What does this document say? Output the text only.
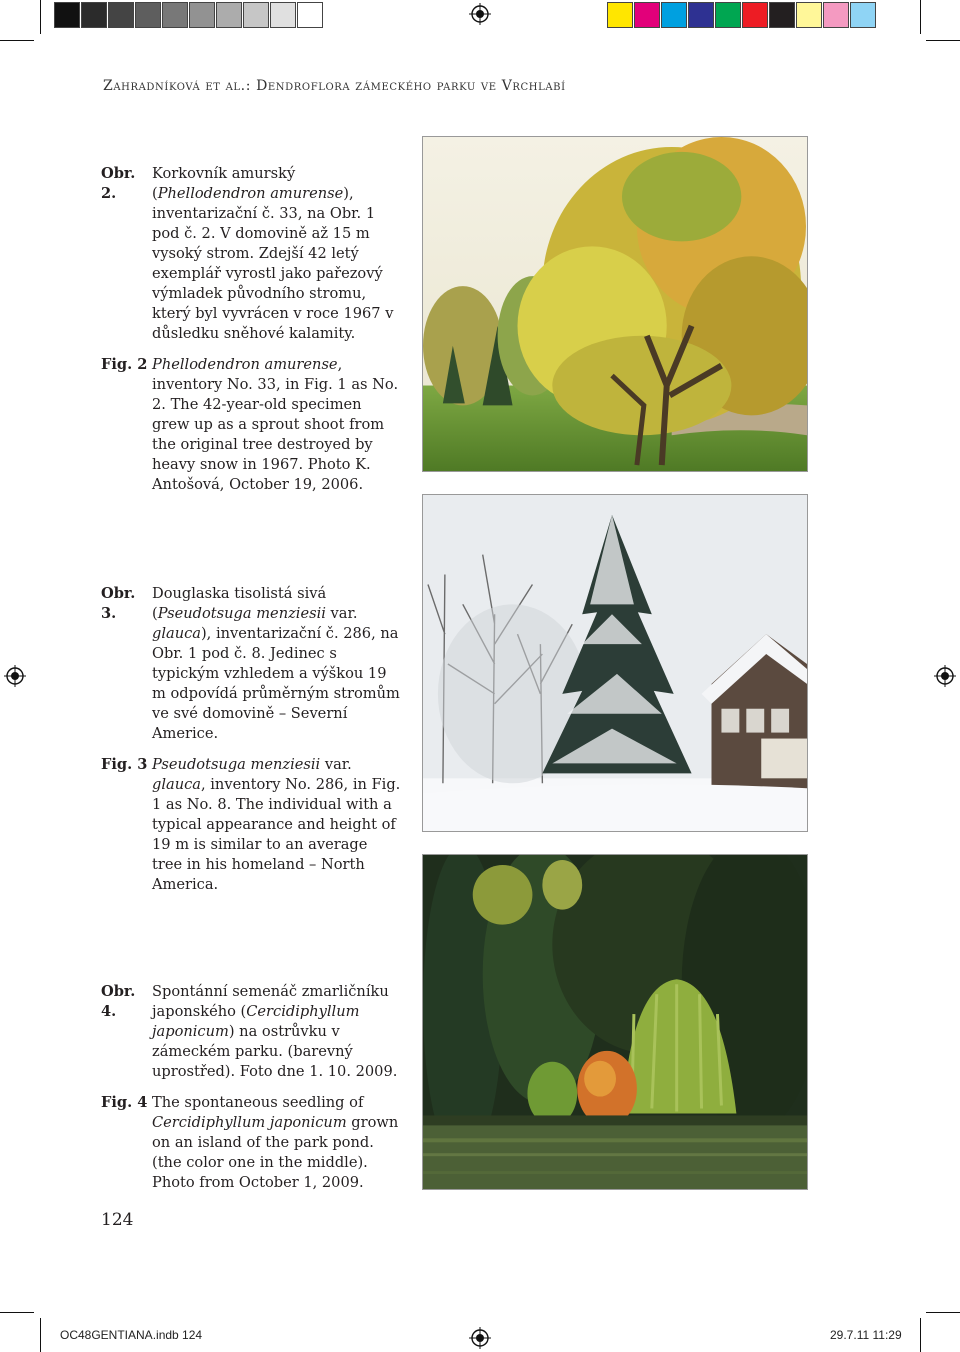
Zahradníková et al.: Dendroflora zámeckého parku ve Vrchlabí
Obr. 2.
Korkovník amurský (Phellodendron amurense), inventarizační č. 33, na Obr. 1 pod č. 2. V domovině až 15 m vysoký strom. Zdejší 42 letý exemplář vyrostl jako pařezový výmladek původního stromu, který byl vyvrácen v roce 1967 v důsledku sněhové kalamity.
Fig. 2 Phellodendron amurense, inventory No. 33, in Fig. 1 as No. 2. The 42-year-old specimen grew up as a sprout shoot from the original tree destroyed by heavy snow in 1967. Photo K. Antošová, October 19, 2006.
Obr. 3.
Douglaska tisolistá sivá (Pseudotsuga menziesii var. glauca), inventarizační č. 286, na Obr. 1 pod č. 8. Jedinec s typickým vzhledem a výškou 19 m odpovídá průměrným stromům ve své domovině – Severní Americe.
Fig. 3 Pseudotsuga menziesii var. glauca, inventory No. 286, in Fig. 1 as No. 8. The individual with a typical appearance and height of 19 m is similar to an average tree in his homeland – North America.
Obr. 4.
Spontánní semenáč zmarličníku japonského (Cercidiphyllum japonicum) na ostrůvku v zámeckém parku. (barevný uprostřed). Foto dne 1. 10. 2009.
Fig. 4 The spontaneous seedling of Cercidiphyllum japonicum grown on an island of the park pond. (the color one in the middle). Photo from October 1, 2009.
124
OC48GENTIANA.indb 124	29.7.11 11:29
